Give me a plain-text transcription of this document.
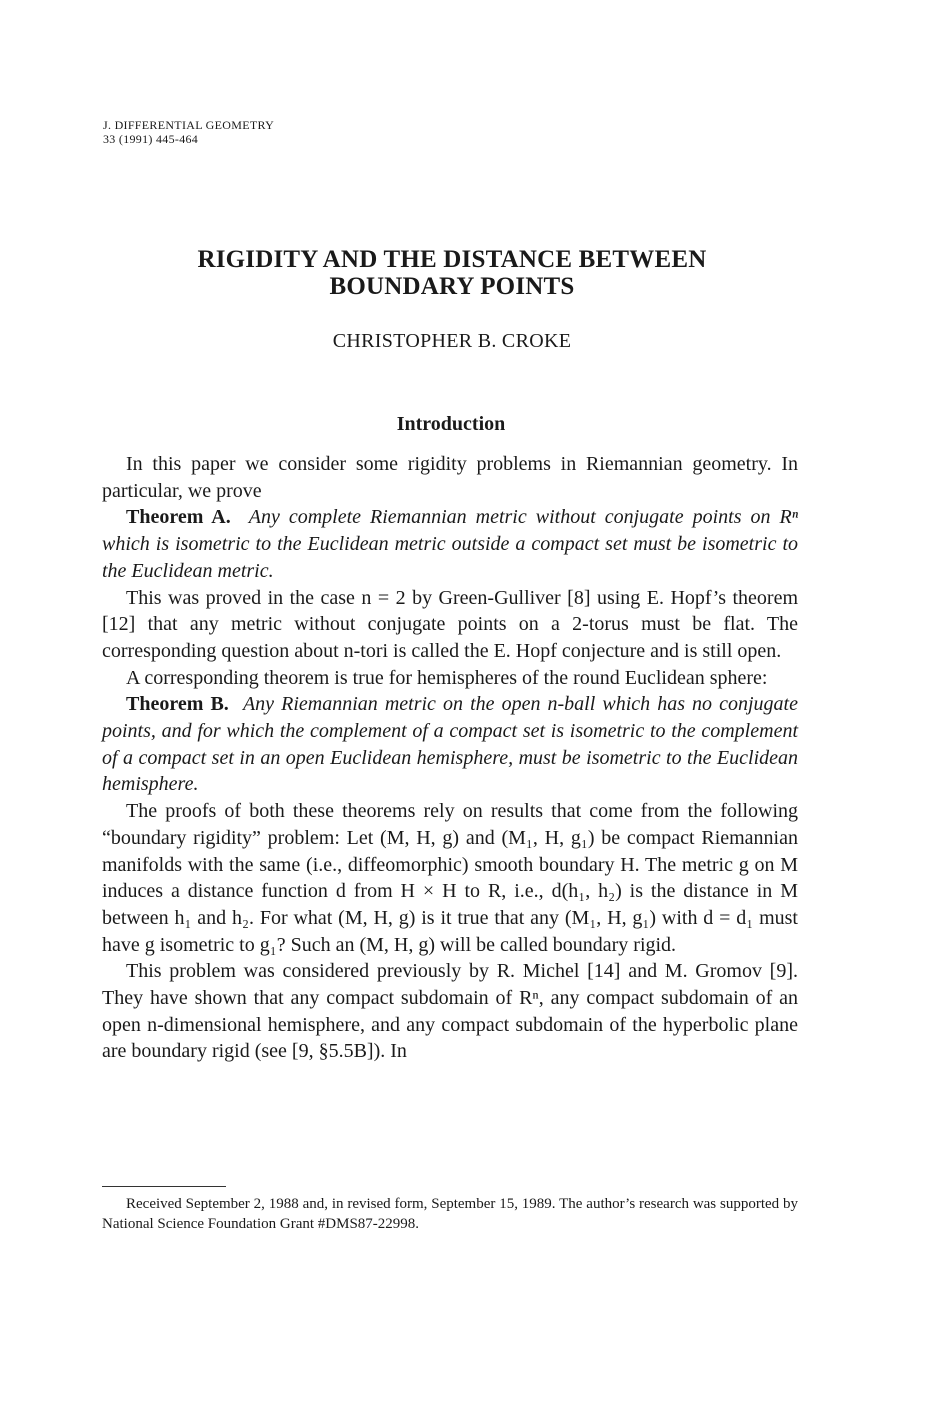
J. DIFFERENTIAL GEOMETRY
33 (1991) 445-464
RIGIDITY AND THE DISTANCE BETWEEN
BOUNDARY POINTS
CHRISTOPHER B. CROKE
Introduction

In this paper we consider some rigidity problems in Riemannian geometry. In particular, we prove

Theorem A. Any complete Riemannian metric without conjugate points on Rⁿ which is isometric to the Euclidean metric outside a compact set must be isometric to the Euclidean metric.

This was proved in the case n = 2 by Green-Gulliver [8] using E. Hopf’s theorem [12] that any metric without conjugate points on a 2-torus must be flat. The corresponding question about n-tori is called the E. Hopf conjecture and is still open.

A corresponding theorem is true for hemispheres of the round Euclidean sphere:

Theorem B. Any Riemannian metric on the open n-ball which has no conjugate points, and for which the complement of a compact set is isometric to the complement of a compact set in an open Euclidean hemisphere, must be isometric to the Euclidean hemisphere.

The proofs of both these theorems rely on results that come from the following “boundary rigidity” problem: Let (M, H, g) and (M₁, H, g₁) be compact Riemannian manifolds with the same (i.e., diffeomorphic) smooth boundary H. The metric g on M induces a distance function d from H × H to R, i.e., d(h₁, h₂) is the distance in M between h₁ and h₂. For what (M, H, g) is it true that any (M₁, H, g₁) with d = d₁ must have g isometric to g₁? Such an (M, H, g) will be called boundary rigid.

This problem was considered previously by R. Michel [14] and M. Gromov [9]. They have shown that any compact subdomain of Rⁿ, any compact subdomain of an open n-dimensional hemisphere, and any compact subdomain of the hyperbolic plane are boundary rigid (see [9, §5.5B]). In

Received September 2, 1988 and, in revised form, September 15, 1989. The author’s research was supported by National Science Foundation Grant #DMS87-22998.
